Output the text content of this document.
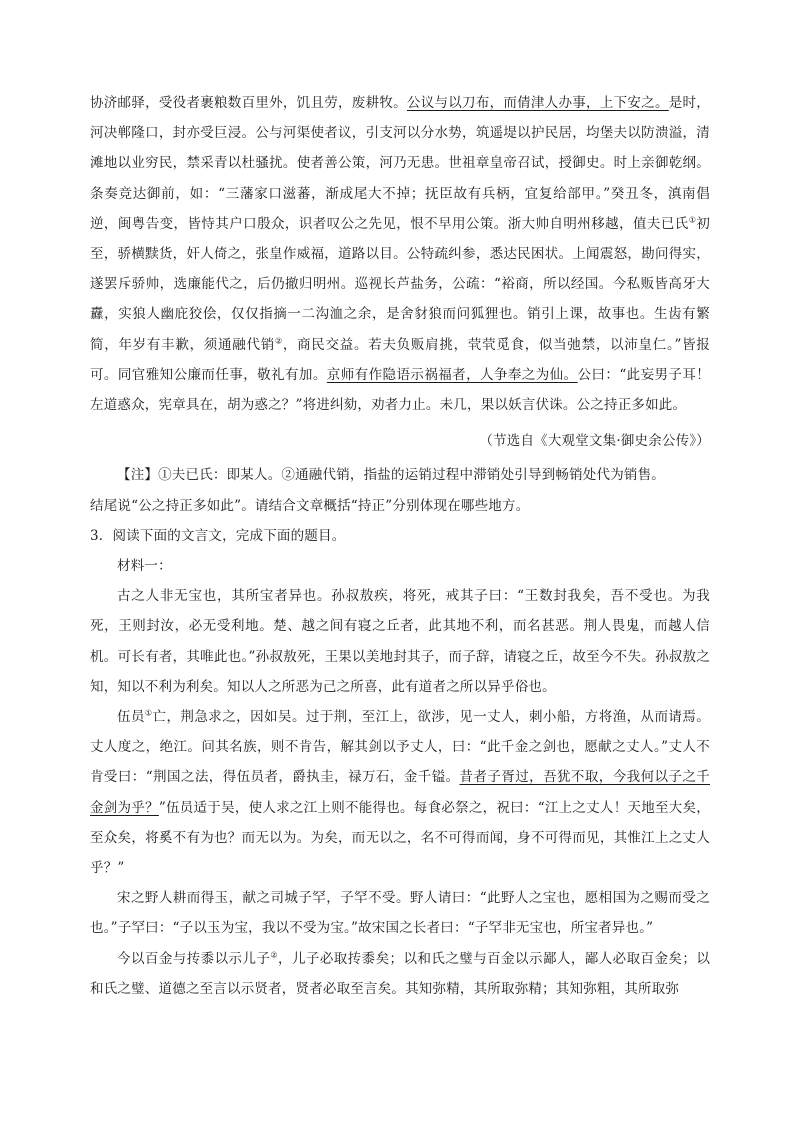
协济邮驿，受役者裹粮数百里外，饥且劳，废耕牧。公议与以刀布，而倩津人办事，上下安之。是时，河决郸隆口，封亦受巨浸。公与河渠使者议，引支河以分水势，筑遥堤以护民居，均堡夫以防溃溢，清滩地以业穷民，禁采青以杜骚扰。使者善公策，河乃无患。世祖章皇帝召试，授御史。时上亲御乾纲。条奏竞达御前，如：“三藩家口滋蕃，渐成尾大不掉；抚臣故有兵柄，宜复给部甲。”癸丑冬，滇南倡逆，闽粤告变，皆恃其户口殷众，识者叹公之先见，恨不早用公策。浙大帅自明州移越，值夫已氏①初至，骄横黩货，奸人倚之，张皇作威福，道路以目。公特疏纠参，悉达民困状。上闻震怒，勘问得实，遂罢斥骄帅，选廉能代之，后仍撤归明州。巡视长芦盐务，公疏：“裕商，所以经国。今私贩皆高牙大纛，实狼人幽庇狡侩，仅仅指摘一二沟洫之余，是舍豺狼而问狐狸也。销引上课，故事也。生齿有繁简，年岁有丰歉，须通融代销②，商民交益。若夫负贩肩挑，茕茕觅食，似当弛禁，以沛皇仁。”皆报可。同官雅知公廉而任事，敬礼有加。京师有作隐语示祸福者，人争奉之为仙。公曰：“此妄男子耳！左道惑众，宪章具在，胡为惑之？”将进纠劾，劝者力止。未几，果以妖言伏诛。公之持正多如此。

（节选自《大观堂文集·御史余公传》）

【注】①夫已氏：即某人。②通融代销，指盐的运销过程中滞销处引导到畅销处代为销售。

结尾说“公之持正多如此”。请结合文章概括“持正”分别体现在哪些地方。

3．阅读下面的文言文，完成下面的题目。

材料一：

古之人非无宝也，其所宝者异也。孙叔敖疾，将死，戒其子曰：“王数封我矣，吾不受也。为我死，王则封汝，必无受利地。楚、越之间有寝之丘者，此其地不利，而名甚恶。荆人畏鬼，而越人信机。可长有者，其唯此也。”孙叔敖死，王果以美地封其子，而子辞，请寝之丘，故至今不失。孙叔敖之知，知以不利为利矣。知以人之所恶为己之所喜，此有道者之所以异乎俗也。

伍员①亡，荆急求之，因如吴。过于荆，至江上，欲涉，见一丈人，刺小船，方将渔，从而请焉。丈人度之，绝江。问其名族，则不肯告，解其剑以予丈人，曰：“此千金之剑也，愿献之丈人。”丈人不肯受曰：“荆国之法，得伍员者，爵执圭，禄万石，金千镒。昔者子胥过，吾犹不取，今我何以子之千金剑为乎？”伍员适于吴，使人求之江上则不能得也。每食必祭之，祝曰：“江上之丈人！天地至大矣，至众矣，将奚不有为也？而无以为。为矣，而无以之，名不可得而闻，身不可得而见，其惟江上之丈人乎？”

宋之野人耕而得玉，献之司城子罕，子罕不受。野人请曰：“此野人之宝也，愿相国为之赐而受之也。”子罕曰：“子以玉为宝，我以不受为宝。”故宋国之长者曰：“子罕非无宝也，所宝者异也。”

今以百金与抟黍以示儿子②，儿子必取抟黍矣；以和氏之璧与百金以示鄙人，鄙人必取百金矣；以和氏之璧、道德之至言以示贤者，贤者必取至言矣。其知弥精，其所取弥精；其知弥粗，其所取弥
